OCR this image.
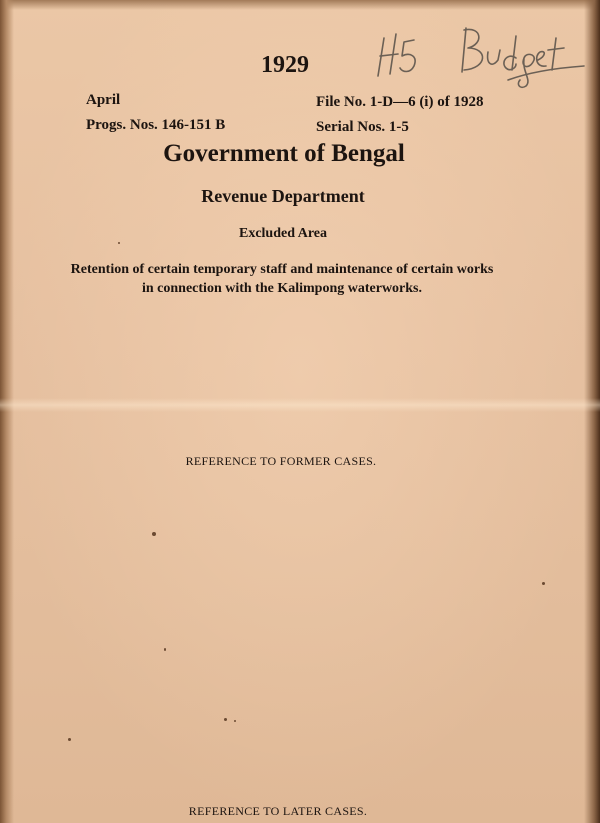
H5 Budget

1929

April

Progs. Nos. 146-151 B

File No. 1-D—6 (i) of 1928

Serial Nos. 1-5

Government of Bengal
Revenue Department

Excluded Area

Retention of certain temporary staff and maintenance of certain works in connection with the Kalimpong waterworks.

REFERENCE TO FORMER CASES.

REFERENCE TO LATER CASES.
